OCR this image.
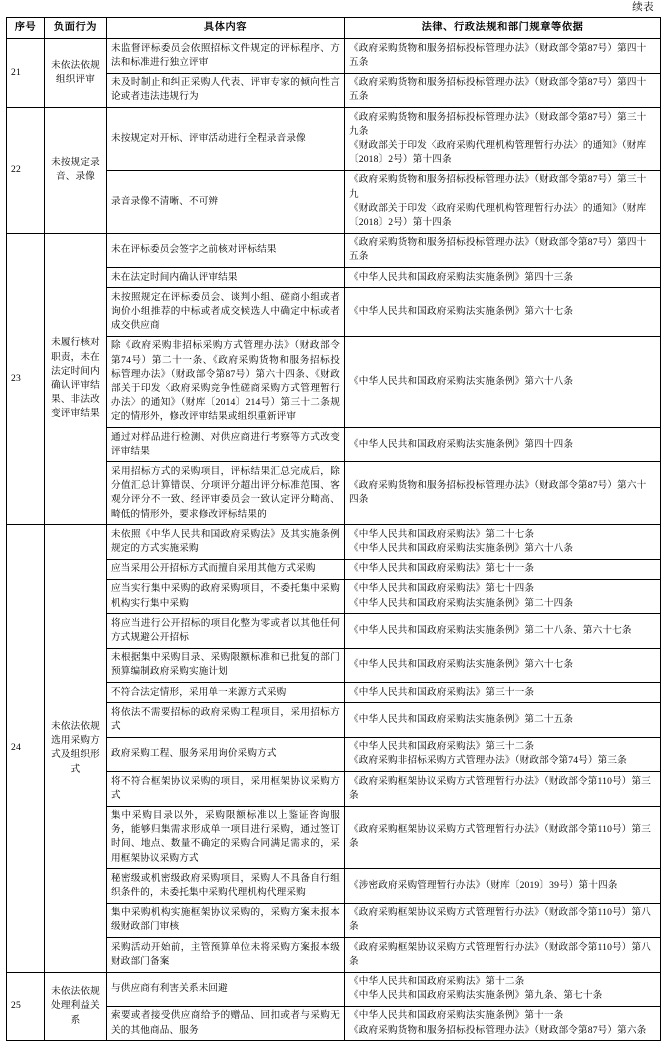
续表
序号	负面行为	具体内容	法律、行政法规和部门规章等依据
21	未依法依规组织评审	未监督评标委员会依照招标文件规定的评标程序、方法和标准进行独立评审	《政府采购货物和服务招标投标管理办法》（财政部令第87号）第四十五条

		未及时制止和纠正采购人代表、评审专家的倾向性言论或者违法违规行为	《政府采购货物和服务招标投标管理办法》（财政部令第87号）第四十五条

22	未按规定录音、录像	未按规定对开标、评审活动进行全程录音录像	《政府采购货物和服务招标投标管理办法》（财政部令第87号）第三十九条
《财政部关于印发〈政府采购代理机构管理暂行办法〉的通知》（财库〔2018〕2号）第十四条

		录音录像不清晰、不可辨	《政府采购货物和服务招标投标管理办法》（财政部令第87号）第三十九
《财政部关于印发〈政府采购代理机构管理暂行办法〉的通知》（财库〔2018〕2号）第十四条

23	未履行核对职责，未在法定时间内确认评审结果、非法改变评审结果	未在评标委员会签字之前核对评标结果	《政府采购货物和服务招标投标管理办法》（财政部令第87号）第四十五条

		未在法定时间内确认评审结果	《中华人民共和国政府采购法实施条例》第四十三条

		未按照规定在评标委员会、谈判小组、磋商小组或者询价小组推荐的中标或者成交候选人中确定中标或者成交供应商	《中华人民共和国政府采购法实施条例》第六十七条

		除《政府采购非招标采购方式管理办法》（财政部令第74号）第二十一条、《政府采购货物和服务招标投标管理办法》（财政部令第87号）第六十四条、《财政部关于印发〈政府采购竞争性磋商采购方式管理暂行办法〉的通知》（财库〔2014〕214号）第三十二条规定的情形外，修改评审结果或组织重新评审	《中华人民共和国政府采购法实施条例》第六十八条

		通过对样品进行检测、对供应商进行考察等方式改变评审结果	《中华人民共和国政府采购法实施条例》第四十四条

		采用招标方式的采购项目，评标结果汇总完成后，除分值汇总计算错误、分项评分超出评分标准范围、客观分评分不一致、经评审委员会一致认定评分畸高、畸低的情形外，要求修改评标结果的	《政府采购货物和服务招标投标管理办法》（财政部令第87号）第六十四条

24	未依法依规选用采购方式及组织形式	未依照《中华人民共和国政府采购法》及其实施条例规定的方式实施采购	《中华人民共和国政府采购法》第二十七条
《中华人民共和国政府采购法实施条例》第六十八条

		应当采用公开招标方式而擅自采用其他方式采购	《中华人民共和国政府采购法》第七十一条

		应当实行集中采购的政府采购项目，不委托集中采购机构实行集中采购	《中华人民共和国政府采购法》第七十四条
《中华人民共和国政府采购法实施条例》第二十四条

		将应当进行公开招标的项目化整为零或者以其他任何方式规避公开招标	《中华人民共和国政府采购法实施条例》第二十八条、第六十七条

		未根据集中采购目录、采购限额标准和已批复的部门预算编制政府采购实施计划	《中华人民共和国政府采购法实施条例》第六十七条

		不符合法定情形，采用单一来源方式采购	《中华人民共和国政府采购法》第三十一条

		将依法不需要招标的政府采购工程项目，采用招标方式	《中华人民共和国政府采购法实施条例》第二十五条

		政府采购工程、服务采用询价采购方式	《中华人民共和国政府采购法》第三十二条
《政府采购非招标采购方式管理办法》（财政部令第74号）第三条

		将不符合框架协议采购的项目，采用框架协议采购方式	《政府采购框架协议采购方式管理暂行办法》（财政部令第110号）第三条

		集中采购目录以外，采购限额标准以上鉴证咨询服务，能够归集需求形成单一项目进行采购，通过签订时间、地点、数量不确定的采购合同满足需求的，采用框架协议采购方式	《政府采购框架协议采购方式管理暂行办法》（财政部令第110号）第三条

		秘密级或机密级政府采购项目，采购人不具备自行组织条件的，未委托集中采购代理机构代理采购	《涉密政府采购管理暂行办法》（财库〔2019〕39号）第十四条

		集中采购机构实施框架协议采购的，采购方案未报本级财政部门审核	《政府采购框架协议采购方式管理暂行办法》（财政部令第110号）第八条

		采购活动开始前，主管预算单位未将采购方案报本级财政部门备案	《政府采购框架协议采购方式管理暂行办法》（财政部令第110号）第八条

25	未依法依规处理利益关系	与供应商有利害关系未回避	《中华人民共和国政府采购法》第十二条
《中华人民共和国政府采购法实施条例》第九条、第七十条

		索要或者接受供应商给予的赠品、回扣或者与采购无关的其他商品、服务	《中华人民共和国政府采购法实施条例》第十一条
《政府采购货物和服务招标投标管理办法》（财政部令第87号）第六条
